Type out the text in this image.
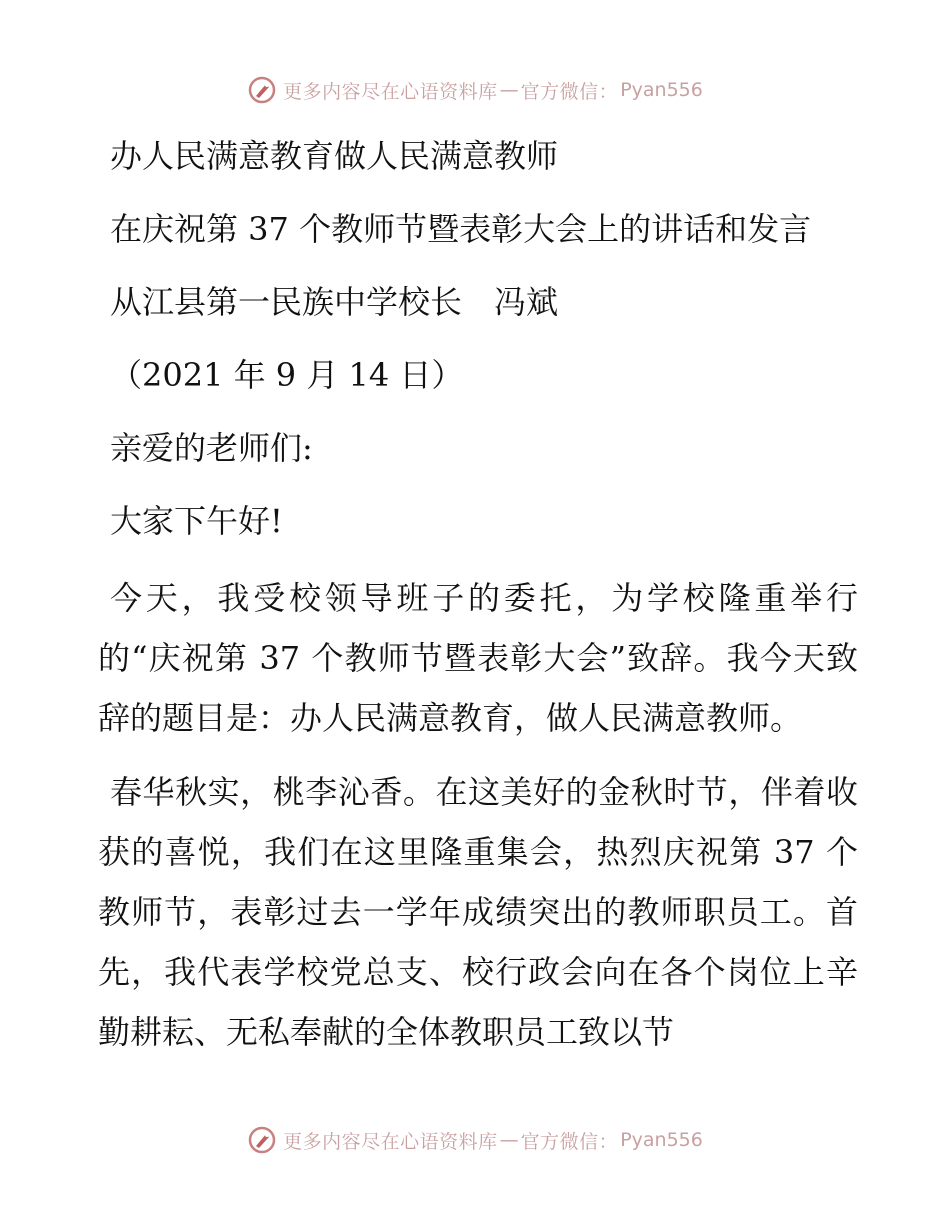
更多内容尽在心语资料库 — 官方微信： Pyan556

办人民满意教育做人民满意教师

在庆祝第 37 个教师节暨表彰大会上的讲话和发言

从江县第一民族中学校长　冯斌

（2021 年 9 月 14 日）

亲爱的老师们:

大家下午好!

今天，我受校领导班子的委托，为学校隆重举行的“庆祝第 37 个教师节暨表彰大会”致辞。我今天致辞的题目是：办人民满意教育，做人民满意教师。

春华秋实，桃李沁香。在这美好的金秋时节，伴着收获的喜悦，我们在这里隆重集会，热烈庆祝第 37 个教师节，表彰过去一学年成绩突出的教师职员工。首先，我代表学校党总支、校行政会向在各个岗位上辛勤耕耘、无私奉献的全体教职员工致以节

更多内容尽在心语资料库 — 官方微信： Pyan556
